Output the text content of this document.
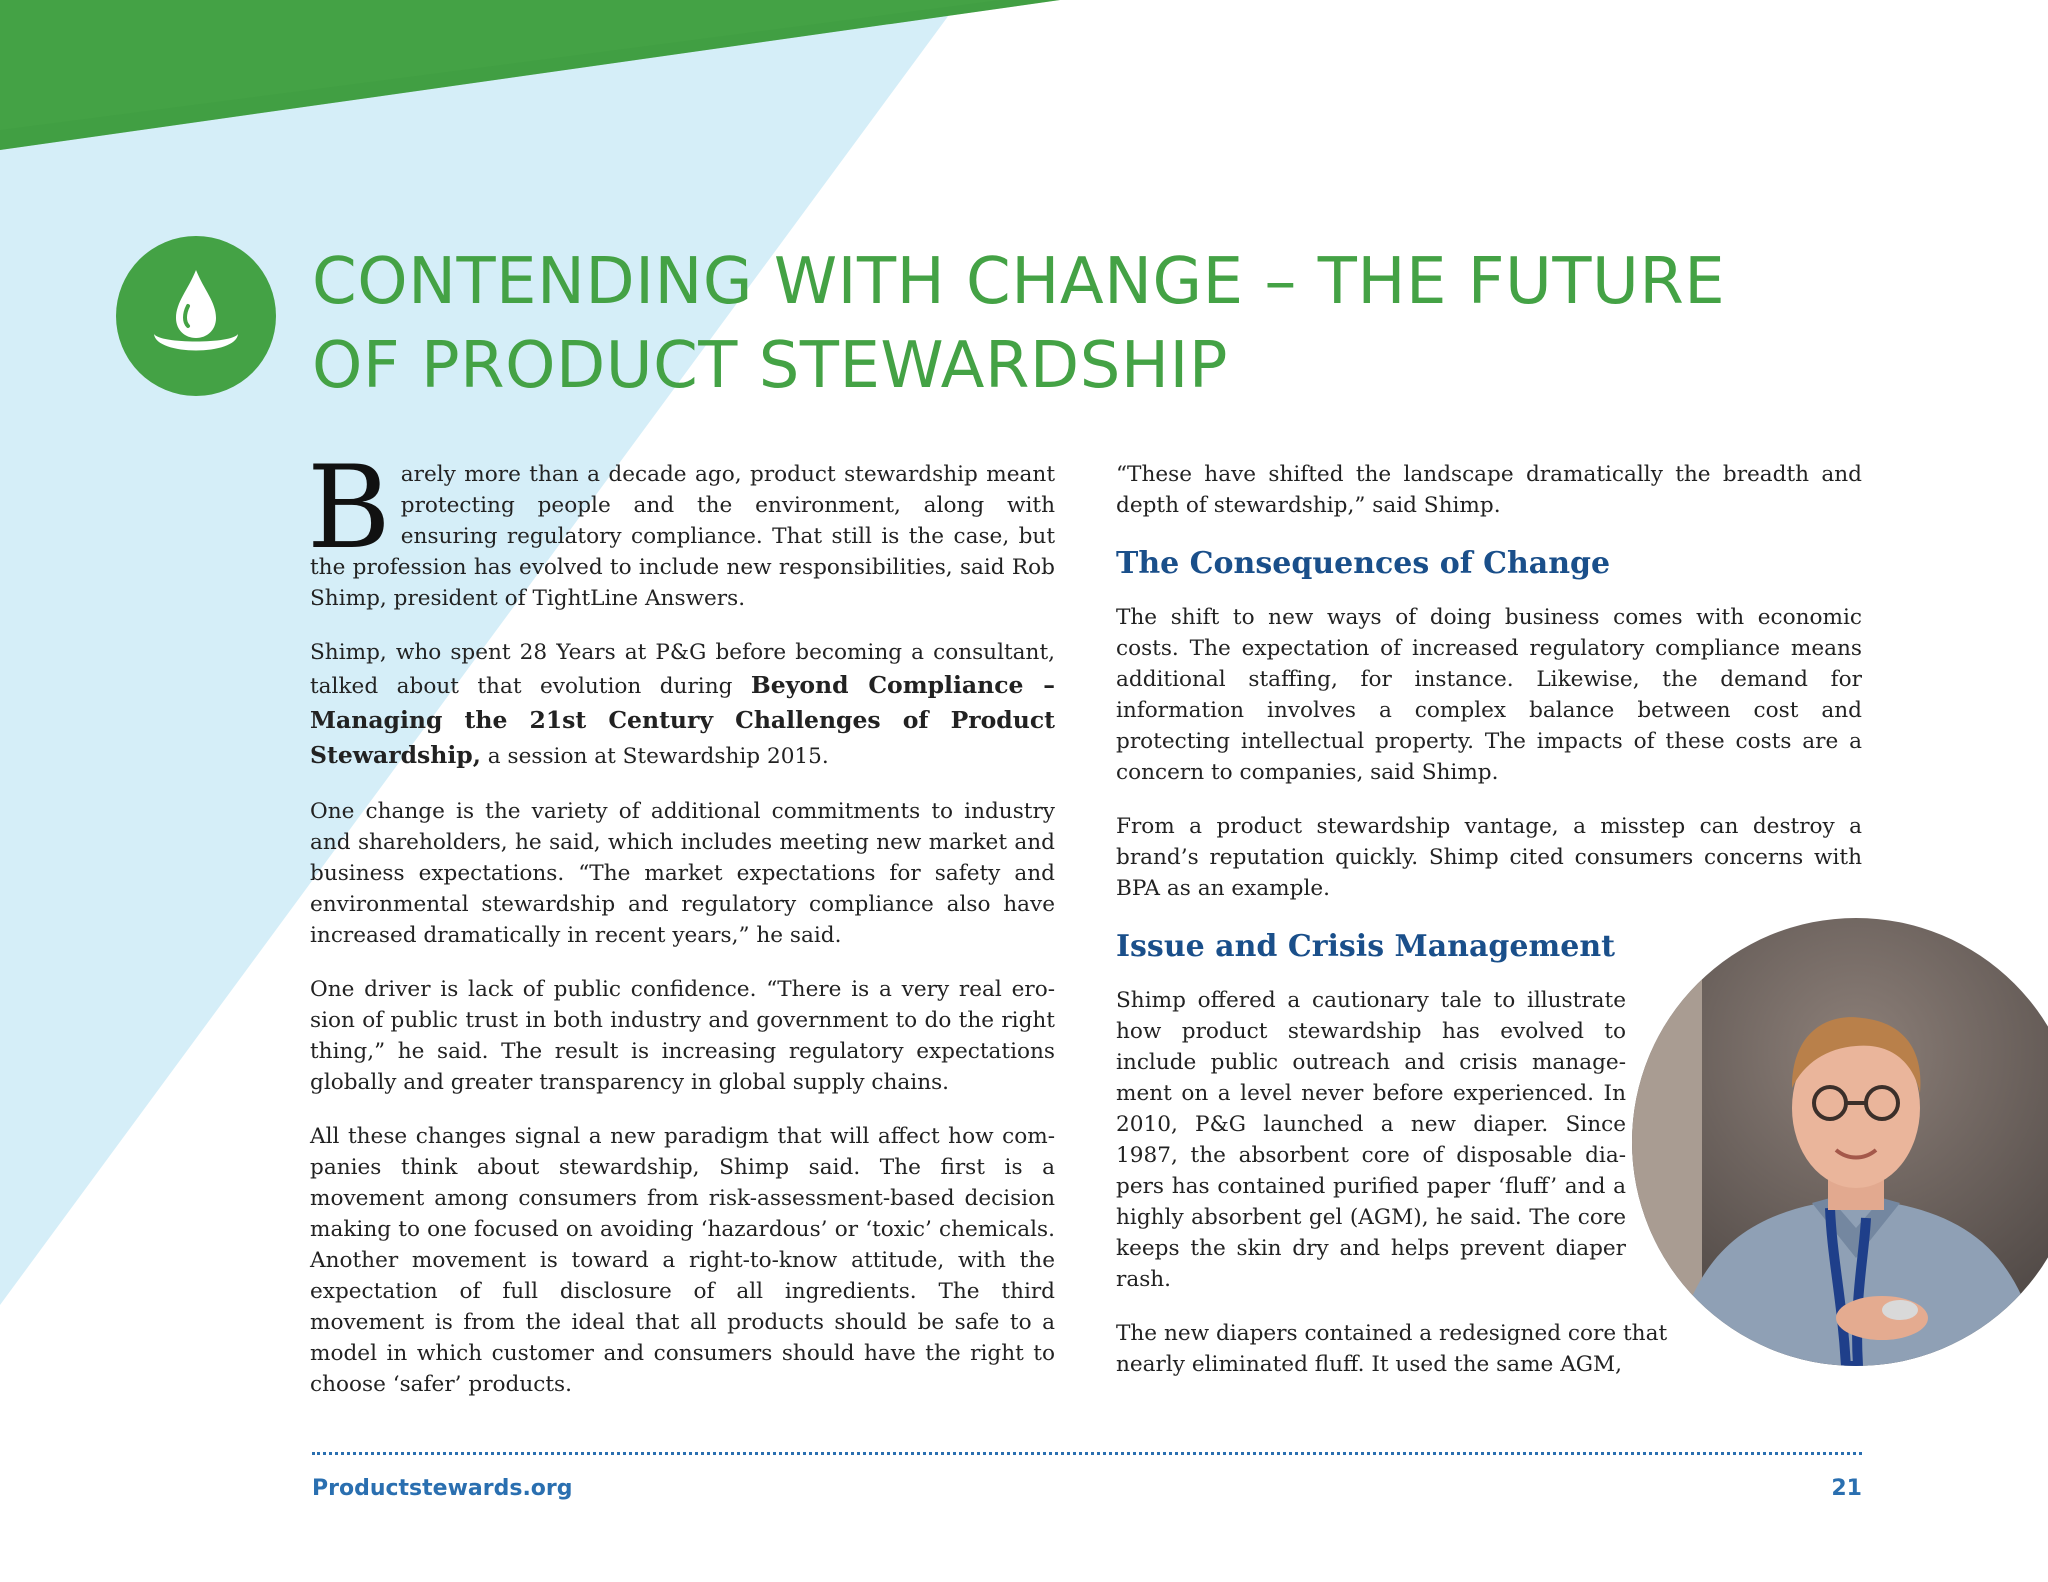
CONTENDING WITH CHANGE – THE FUTURE
OF PRODUCT STEWARDSHIP

Barely more than a decade ago, product stewardship meant protecting people and the environment, along with ensuring regulatory compliance. That still is the case, but the profession has evolved to include new responsibilities, said Rob Shimp, president of TightLine Answers.

Shimp, who spent 28 Years at P&G before becoming a consultant, talked about that evolution during Beyond Compliance – Managing the 21st Century Challenges of Product Stewardship, a session at Stewardship 2015.

One change is the variety of additional commitments to industry and shareholders, he said, which includes meeting new market and business expectations. “The market expectations for safety and environmental stewardship and regulatory compliance also have increased dramatically in recent years,” he said.

One driver is lack of public confidence. “There is a very real erosion of public trust in both industry and government to do the right thing,” he said. The result is increasing regulatory expectations globally and greater transparency in global supply chains.

All these changes signal a new paradigm that will affect how companies think about stewardship, Shimp said. The first is a movement among consumers from risk-assessment-based decision making to one focused on avoiding ‘hazardous’ or ‘toxic’ chemicals. Another movement is toward a right-to-know attitude, with the expectation of full disclosure of all ingredients. The third movement is from the ideal that all products should be safe to a model in which customer and consumers should have the right to choose ‘safer’ products.

“These have shifted the landscape dramatically the breadth and depth of stewardship,” said Shimp.

The Consequences of Change

The shift to new ways of doing business comes with economic costs. The expectation of increased regulatory compliance means additional staffing, for instance. Likewise, the demand for information involves a complex balance between cost and protecting intellectual property. The impacts of these costs are a concern to companies, said Shimp.

From a product stewardship vantage, a misstep can destroy a brand’s reputation quickly. Shimp cited consumers concerns with BPA as an example.

Issue and Crisis Management

Shimp offered a cautionary tale to illustrate how product stewardship has evolved to include public outreach and crisis management on a level never before experienced. In 2010, P&G launched a new diaper. Since 1987, the absorbent core of disposable diapers has contained purified paper ‘fluff’ and a highly absorbent gel (AGM), he said. The core keeps the skin dry and helps prevent diaper rash.

The new diapers contained a redesigned core that nearly eliminated fluff. It used the same AGM,

Productstewards.org	21
